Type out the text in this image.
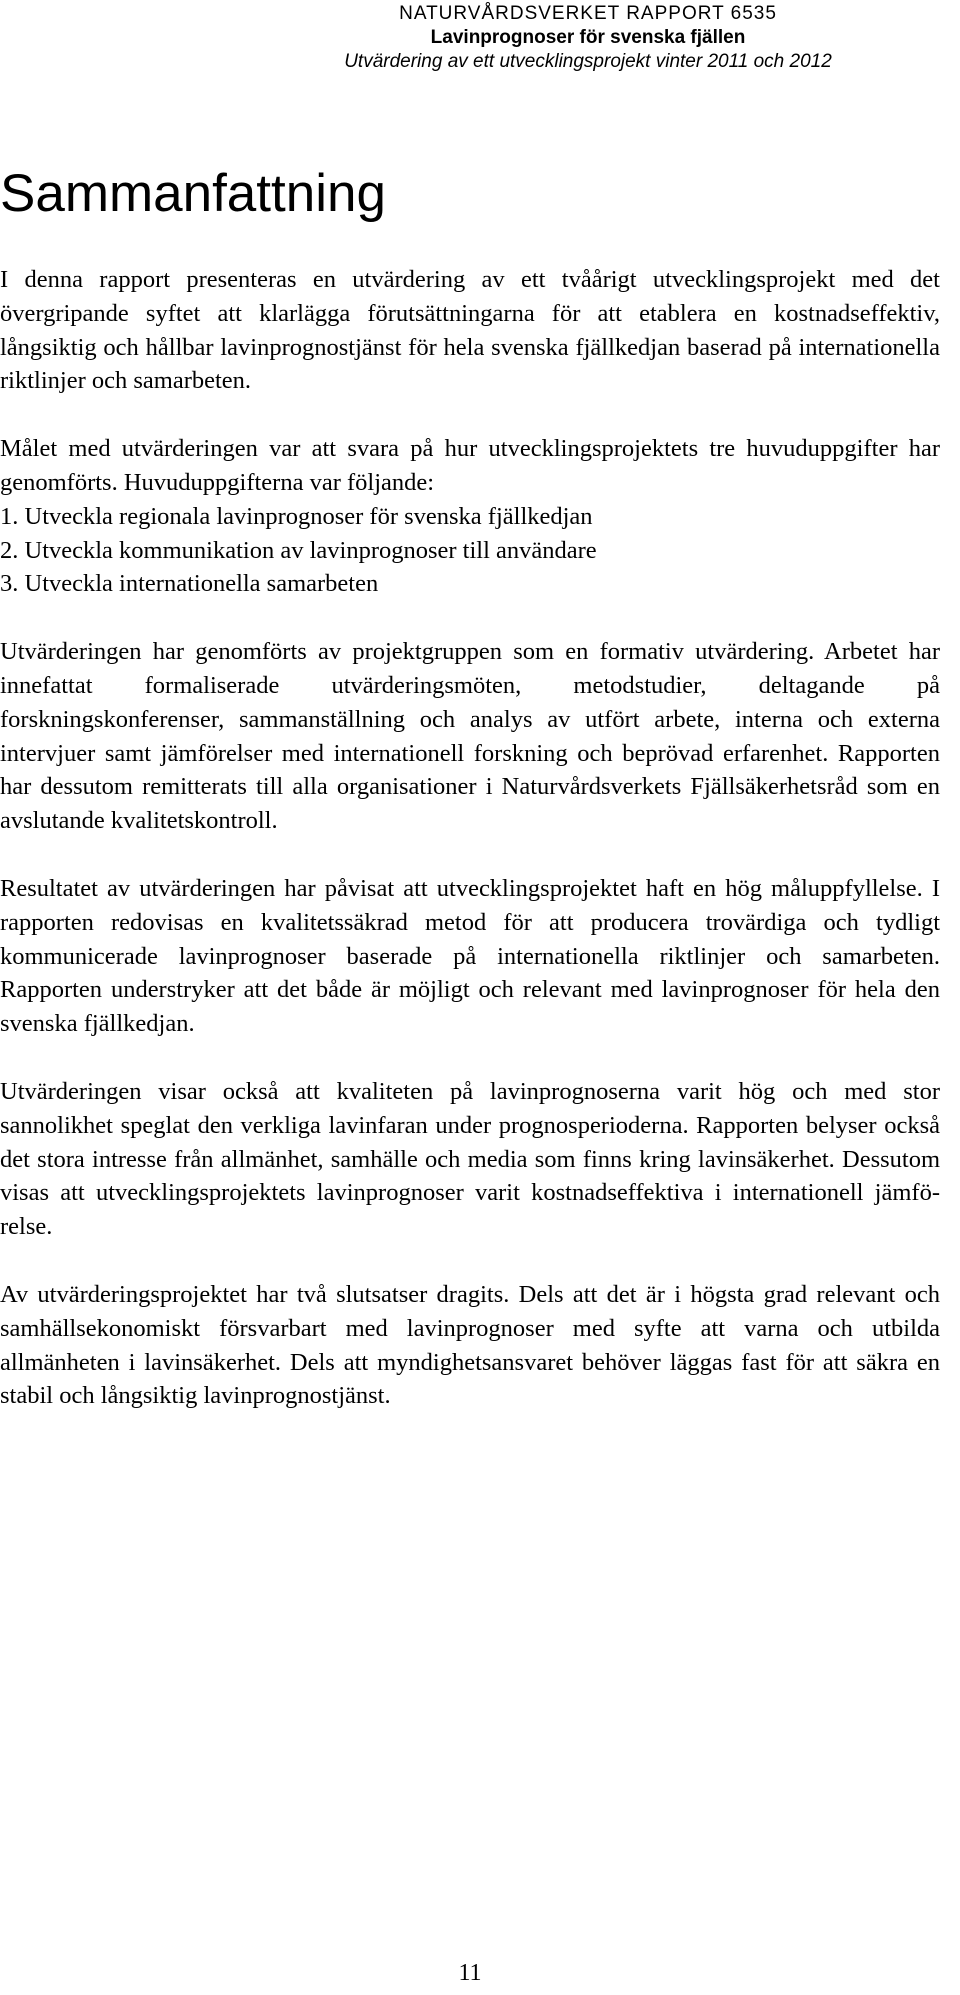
NATURVÅRDSVERKET RAPPORT 6535
Lavinprognoser för svenska fjällen
Utvärdering av ett utvecklingsprojekt vinter 2011 och 2012
Sammanfattning

I denna rapport presenteras en utvärdering av ett tvåårigt utvecklingsprojekt med det övergripande syftet att klarlägga förutsättningarna för att etablera en kostnadseffektiv, långsiktig och hållbar lavinprognostjänst för hela svenska fjällkedjan baserad på internationella riktlinjer och samarbeten.

Målet med utvärderingen var att svara på hur utvecklingsprojektets tre huvuduppgifter har genomförts. Huvuduppgifterna var följande:

1. Utveckla regionala lavinprognoser för svenska fjällkedjan
2. Utveckla kommunikation av lavinprognoser till användare
3. Utveckla internationella samarbeten

Utvärderingen har genomförts av projektgruppen som en formativ utvärdering. Arbetet har innefattat formaliserade utvärderingsmöten, metodstudier, deltagande på forskningskonferenser, sammanställning och analys av utfört arbete, interna och externa intervjuer samt jämförelser med internationell forskning och beprövad erfarenhet. Rapporten har dessutom remitterats till alla organisationer i Naturvårdsverkets Fjällsäkerhetsråd som en avslutande kvalitetskontroll.

Resultatet av utvärderingen har påvisat att utvecklingsprojektet haft en hög måluppfyllelse. I rapporten redovisas en kvalitetssäkrad metod för att producera trovärdiga och tydligt kommunicerade lavinprognoser baserade på internationella riktlinjer och samarbeten. Rapporten understryker att det både är möjligt och relevant med lavinprognoser för hela den svenska fjällkedjan.

Utvärderingen visar också att kvaliteten på lavinprognoserna varit hög och med stor sannolikhet speglat den verkliga lavinfaran under prognosperioderna. Rapporten belyser också det stora intresse från allmänhet, samhälle och media som finns kring lavinsäkerhet. Dessutom visas att utvecklingsprojektets lavinprognoser varit kostnadseffektiva i internationell jämförelse.

Av utvärderingsprojektet har två slutsatser dragits. Dels att det är i högsta grad relevant och samhällsekonomiskt försvarbart med lavinprognoser med syfte att varna och utbilda allmänheten i lavinsäkerhet. Dels att myndighetsansvaret behöver läggas fast för att säkra en stabil och långsiktig lavinprognostjänst.

11
